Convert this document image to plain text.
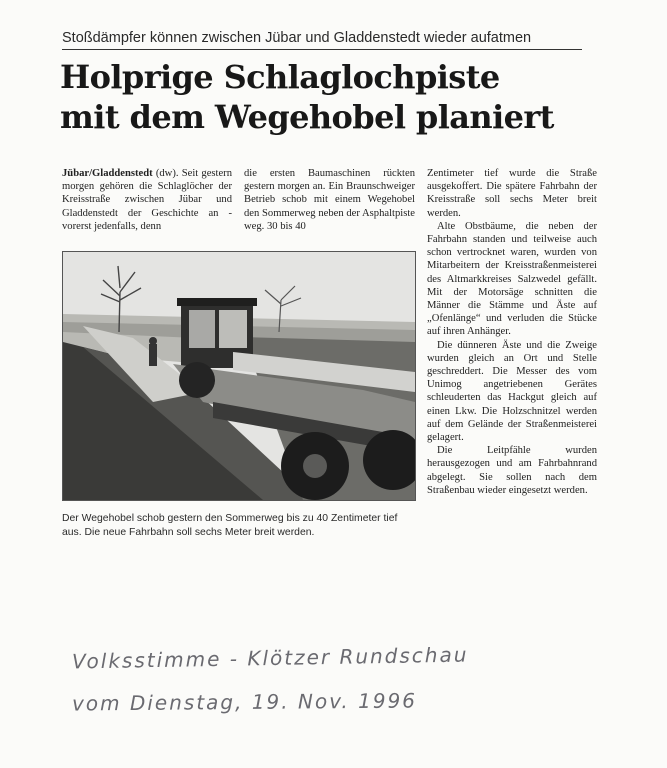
Stoßdämpfer können zwischen Jübar und Gladdenstedt wieder aufatmen
Holprige Schlaglochpiste
mit dem Wegehobel planiert

Jübar/Gladdenstedt (dw). Seit gestern morgen gehören die Schlaglöcher der Kreisstraße zwischen Jübar und Gladdenstedt der Geschichte an - vorerst jedenfalls, denn

die ersten Baumaschinen rückten gestern morgen an. Ein Braunschweiger Betrieb schob mit einem Wegehobel den Sommerweg neben der Asphaltpiste weg. 30 bis 40

Zentimeter tief wurde die Straße ausgekoffert. Die spätere Fahrbahn der Kreisstraße soll sechs Meter breit werden.

Alte Obstbäume, die neben der Fahrbahn standen und teilweise auch schon vertrocknet waren, wurden von Mitarbeitern der Kreisstraßenmeisterei des Altmarkkreises Salzwedel gefällt. Mit der Motorsäge schnitten die Männer die Stämme und Äste auf „Ofenlänge“ und verluden die Stücke auf ihren Anhänger.

Die dünneren Äste und die Zweige wurden gleich an Ort und Stelle geschreddert. Die Messer des vom Unimog angetriebenen Gerätes schleuderten das Hackgut gleich auf einen Lkw. Die Holzschnitzel werden auf dem Gelände der Straßenmeisterei gelagert.

Die Leitpfähle wurden herausgezogen und am Fahrbahnrand abgelegt. Sie sollen nach dem Straßenbau wieder eingesetzt werden.

Der Wegehobel schob gestern den Sommerweg bis zu 40 Zentimeter tief aus. Die neue Fahrbahn soll sechs Meter breit werden.
Volksstimme - Klötzer Rundschau
vom Dienstag, 19. Nov. 1996
